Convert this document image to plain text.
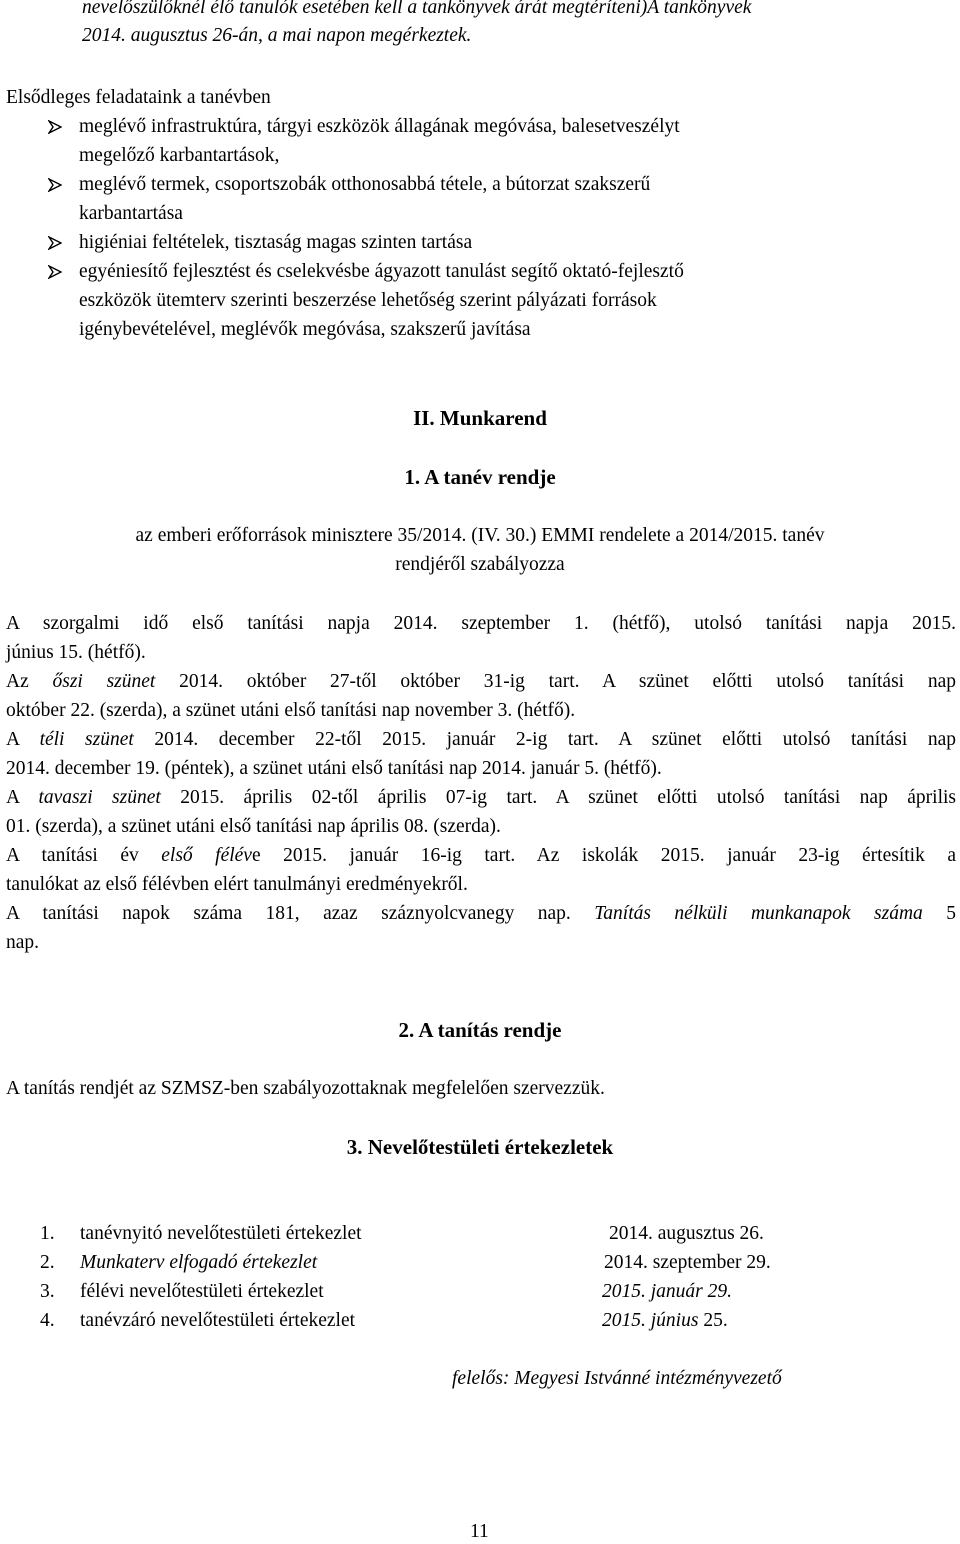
nevelőszülőknél élő tanulók esetében kell a tankönyvek árát megtéríteni)A tankönyvek
2014. augusztus 26-án, a mai napon megérkeztek.
Elsődleges feladataink a tanévben
meglévő infrastruktúra, tárgyi eszközök állagának megóvása, balesetveszélyt
megelőző karbantartások,
meglévő termek, csoportszobák otthonosabbá tétele, a bútorzat szakszerű
karbantartása
higiéniai feltételek, tisztaság magas szinten tartása
egyéniesítő fejlesztést és cselekvésbe ágyazott tanulást segítő oktató-fejlesztő
eszközök ütemterv szerinti beszerzése lehetőség szerint pályázati források
igénybevételével, meglévők megóvása, szakszerű javítása
II. Munkarend
1. A tanév rendje
az emberi erőforrások minisztere 35/2014. (IV. 30.) EMMI rendelete a 2014/2015. tanév
rendjéről szabályozza
A szorgalmi idő első tanítási napja 2014. szeptember 1. (hétfő), utolsó tanítási napja 2015.
június 15. (hétfő).
Az őszi szünet 2014. október 27-től október 31-ig tart. A szünet előtti utolsó tanítási nap
október 22. (szerda), a szünet utáni első tanítási nap november 3. (hétfő).
A téli szünet 2014. december 22-től 2015. január 2-ig tart. A szünet előtti utolsó tanítási nap
2014. december 19. (péntek), a szünet utáni első tanítási nap 2014. január 5. (hétfő).
A tavaszi szünet 2015. április 02-től április 07-ig tart. A szünet előtti utolsó tanítási nap április
01. (szerda), a szünet utáni első tanítási nap április 08. (szerda).
A tanítási év első féléve 2015. január 16-ig tart. Az iskolák 2015. január 23-ig értesítik a
tanulókat az első félévben elért tanulmányi eredményekről.
A tanítási napok száma 181, azaz száznyolcvanegy nap. Tanítás nélküli munkanapok száma 5
nap.
2. A tanítás rendje
A tanítás rendjét az SZMSZ-ben szabályozottaknak megfelelően szervezzük.
3. Nevelőtestületi értekezletek
1. tanévnyitó nevelőtestületi értekezlet	2014. augusztus 26.
2. Munkaterv elfogadó értekezlet	2014. szeptember 29.
3. félévi nevelőtestületi értekezlet	2015. január 29.
4. tanévzáró nevelőtestületi értekezlet	2015. június 25.
felelős: Megyesi Istvánné intézményvezető
11
